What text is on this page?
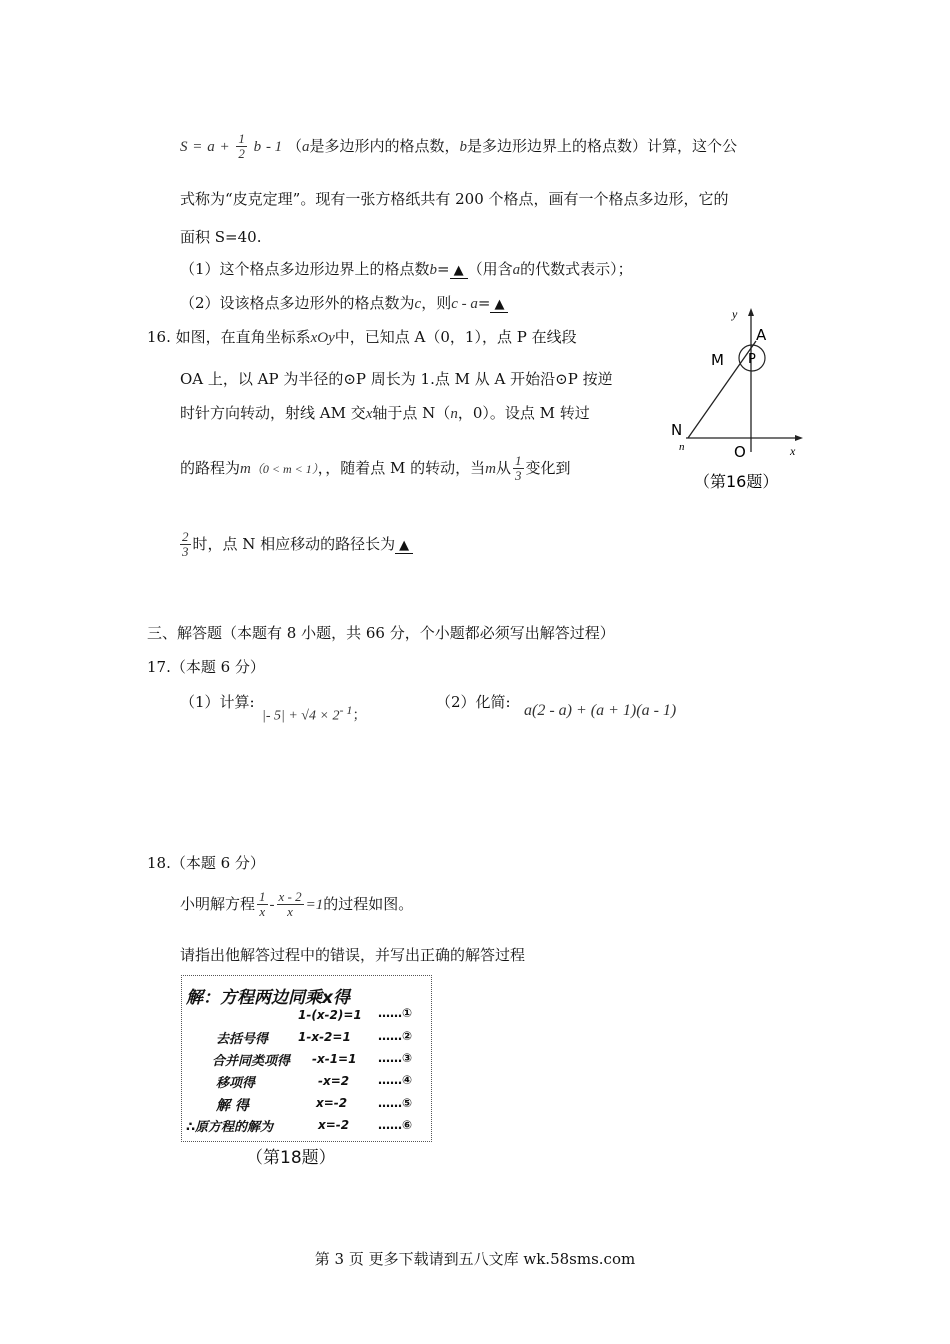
$S = a + \frac{1}{2}$ b - 1 （a是多边形内的格点数，b是多边形边界上的格点数）计算，这个公
式称为“皮克定理”。现有一张方格纸共有 200 个格点，画有一个格点多边形，它的
面积 S=40.
（1）这个格点多边形边界上的格点数b= ▲ （用含a的代数式表示）；
（2）设该格点多边形外的格点数为c，则c - a= ▲
16. 如图，在直角坐标系xOy中，已知点 A（0，1），点 P 在线段
OA 上，以 AP 为半径的⊙P 周长为 1.点 M 从 A 开始沿⊙P 按逆
时针方向转动，射线 AM 交x轴于点 N（n，0）。设点 M 转过
的路程为m（0 < m < 1），，随着点 M 的转动，当m从 $\frac{1}{3}$ 变化到
$\frac{2}{3}$ 时，点 N 相应移动的路径长为 ▲
y
A
M P
N
n	O	x
（第16题）
三、解答题（本题有 8 小题，共 66 分，个小题都必须写出解答过程）
17.（本题 6 分）
（1）计算:
|- $5| + √4 \times 2^{- 1}$；
（2）化简: a(2 - a) + (a + 1)(a - 1)
18.（本题 6 分）
小明解方程 $\frac{1}{x} - \frac{x - 2}{x} =1$的过程如图。
请指出他解答过程中的错误，并写出正确的解答过程
解：方程两边同乘x得
1-(x-2)=1 ……①
去括号得 1-x-2=1 ……②
合并同类项得 -x-1=1 ……③
移项得	-x=2 ……④
解 得	x=-2	……⑤
∴原方程的解为	x=-2 ……⑥
（第18题）
第 3 页 更多下载请到五八文库 wk.58sms.com
